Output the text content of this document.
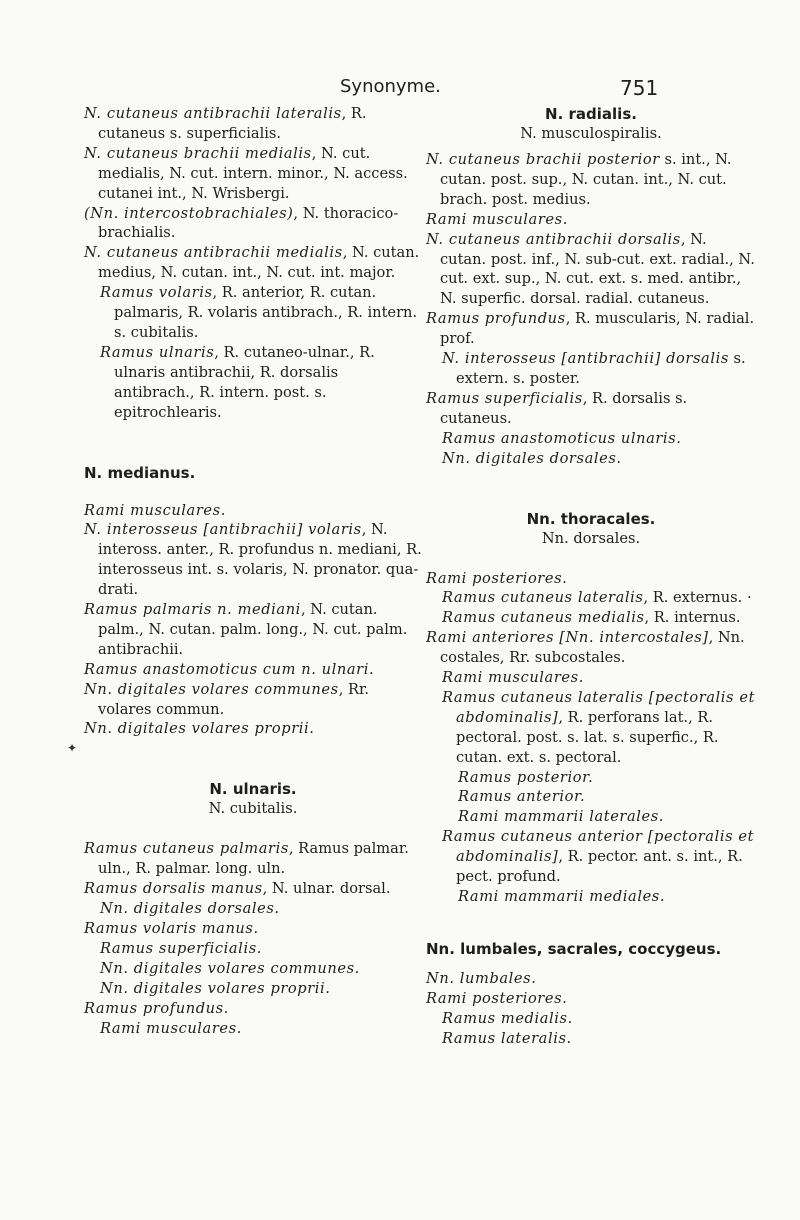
Synonyme.	751
✦

N. cutaneus antibrachii lateralis, R. cutaneus s. superficialis.

N. cutaneus brachii medialis, N. cut. medialis, N. cut. intern. minor., N. access. cutanei int., N. Wrisbergi.

(Nn. intercostobrachiales), N. thoracico-brachialis.

N. cutaneus antibrachii medialis, N. cutan. medius, N. cutan. int., N. cut. int. major.

Ramus volaris, R. anterior, R. cutan. palmaris, R. volaris antibrach., R. intern. s. cubitalis.

Ramus ulnaris, R. cutaneo-ulnar., R. ulnaris antibrachii, R. dorsalis antibrach., R. intern. post. s. epitrochlearis.

N. medianus.

Rami musculares.

N. interosseus [antibrachii] volaris, N. inteross. anter., R. profundus n. mediani, R. interosseus int. s. volaris, N. pronator. quadrati.

Ramus palmaris n. mediani, N. cutan. palm., N. cutan. palm. long., N. cut. palm. antibrachii.

Ramus anastomoticus cum n. ulnari.

Nn. digitales volares communes, Rr. volares commun.

Nn. digitales volares proprii.

N. ulnaris.

N. cubitalis.

Ramus cutaneus palmaris, Ramus palmar. uln., R. palmar. long. uln.

Ramus dorsalis manus, N. ulnar. dorsal.

Nn. digitales dorsales.

Ramus volaris manus.

Ramus superficialis.

Nn. digitales volares communes.

Nn. digitales volares proprii.

Ramus profundus.

Rami musculares.

N. radialis.

N. musculospiralis.

N. cutaneus brachii posterior s. int., N. cutan. post. sup., N. cutan. int., N. cut. brach. post. medius.

Rami musculares.

N. cutaneus antibrachii dorsalis, N. cutan. post. inf., N. sub-cut. ext. radial., N. cut. ext. sup., N. cut. ext. s. med. antibr., N. superfic. dorsal. radial. cutaneus.

Ramus profundus, R. muscularis, N. radial. prof.

N. interosseus [antibrachii] dorsalis s. extern. s. poster.

Ramus superficialis, R. dorsalis s. cutaneus.

Ramus anastomoticus ulnaris.

Nn. digitales dorsales.

Nn. thoracales.

Nn. dorsales.

Rami posteriores.

Ramus cutaneus lateralis, R. externus. ·

Ramus cutaneus medialis, R. internus.

Rami anteriores [Nn. intercostales], Nn. costales, Rr. subcostales.

Rami musculares.

Ramus cutaneus lateralis [pectoralis et abdominalis], R. perforans lat., R. pectoral. post. s. lat. s. superfic., R. cutan. ext. s. pectoral.

Ramus posterior.

Ramus anterior.

Rami mammarii laterales.

Ramus cutaneus anterior [pectoralis et abdominalis], R. pector. ant. s. int., R. pect. profund.

Rami mammarii mediales.

Nn. lumbales, sacrales, coccygeus.

Nn. lumbales.

Rami posteriores.

Ramus medialis.

Ramus lateralis.
